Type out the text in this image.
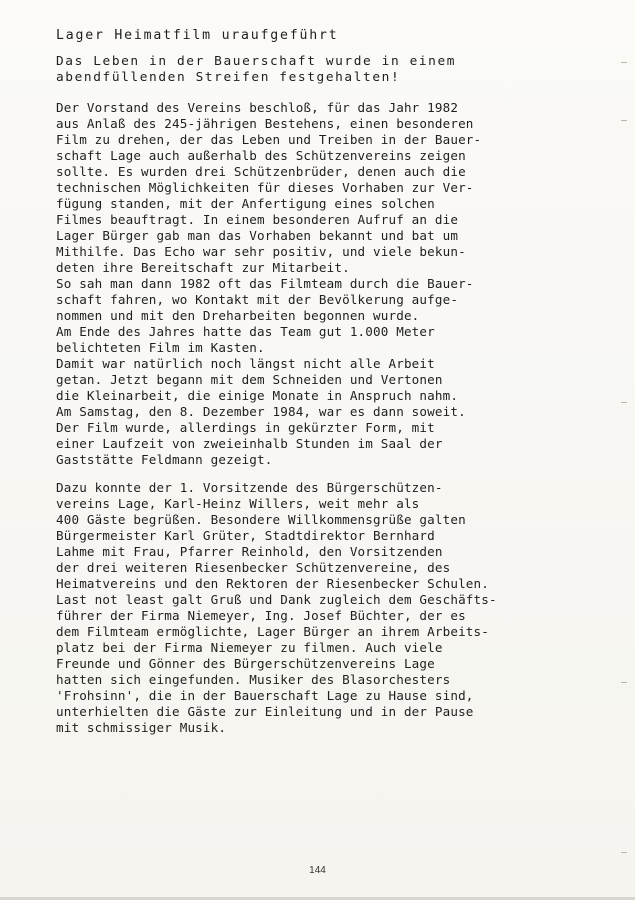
Lager Heimatfilm uraufgeführt
Das Leben in der Bauerschaft wurde in einem
abendfüllenden Streifen festgehalten!
Der Vorstand des Vereins beschloß, für das Jahr 1982
aus Anlaß des 245-jährigen Bestehens, einen besonderen
Film zu drehen, der das Leben und Treiben in der Bauer-
schaft Lage auch außerhalb des Schützenvereins zeigen
sollte. Es wurden drei Schützenbrüder, denen auch die
technischen Möglichkeiten für dieses Vorhaben zur Ver-
fügung standen, mit der Anfertigung eines solchen
Filmes beauftragt. In einem besonderen Aufruf an die
Lager Bürger gab man das Vorhaben bekannt und bat um
Mithilfe. Das Echo war sehr positiv, und viele bekun-
deten ihre Bereitschaft zur Mitarbeit.
So sah man dann 1982 oft das Filmteam durch die Bauer-
schaft fahren, wo Kontakt mit der Bevölkerung aufge-
nommen und mit den Dreharbeiten begonnen wurde.
Am Ende des Jahres hatte das Team gut 1.000 Meter
belichteten Film im Kasten.
Damit war natürlich noch längst nicht alle Arbeit
getan. Jetzt begann mit dem Schneiden und Vertonen
die Kleinarbeit, die einige Monate in Anspruch nahm.
Am Samstag, den 8. Dezember 1984, war es dann soweit.
Der Film wurde, allerdings in gekürzter Form, mit
einer Laufzeit von zweieinhalb Stunden im Saal der
Gaststätte Feldmann gezeigt.
Dazu konnte der 1. Vorsitzende des Bürgerschützen-
vereins Lage, Karl-Heinz Willers, weit mehr als
400 Gäste begrüßen. Besondere Willkommensgrüße galten
Bürgermeister Karl Grüter, Stadtdirektor Bernhard
Lahme mit Frau, Pfarrer Reinhold, den Vorsitzenden
der drei weiteren Riesenbecker Schützenvereine, des
Heimatvereins und den Rektoren der Riesenbecker Schulen.
Last not least galt Gruß und Dank zugleich dem Geschäfts-
führer der Firma Niemeyer, Ing. Josef Büchter, der es
dem Filmteam ermöglichte, Lager Bürger an ihrem Arbeits-
platz bei der Firma Niemeyer zu filmen. Auch viele
Freunde und Gönner des Bürgerschützenvereins Lage
hatten sich eingefunden. Musiker des Blasorchesters
'Frohsinn', die in der Bauerschaft Lage zu Hause sind,
unterhielten die Gäste zur Einleitung und in der Pause
mit schmissiger Musik.
144
